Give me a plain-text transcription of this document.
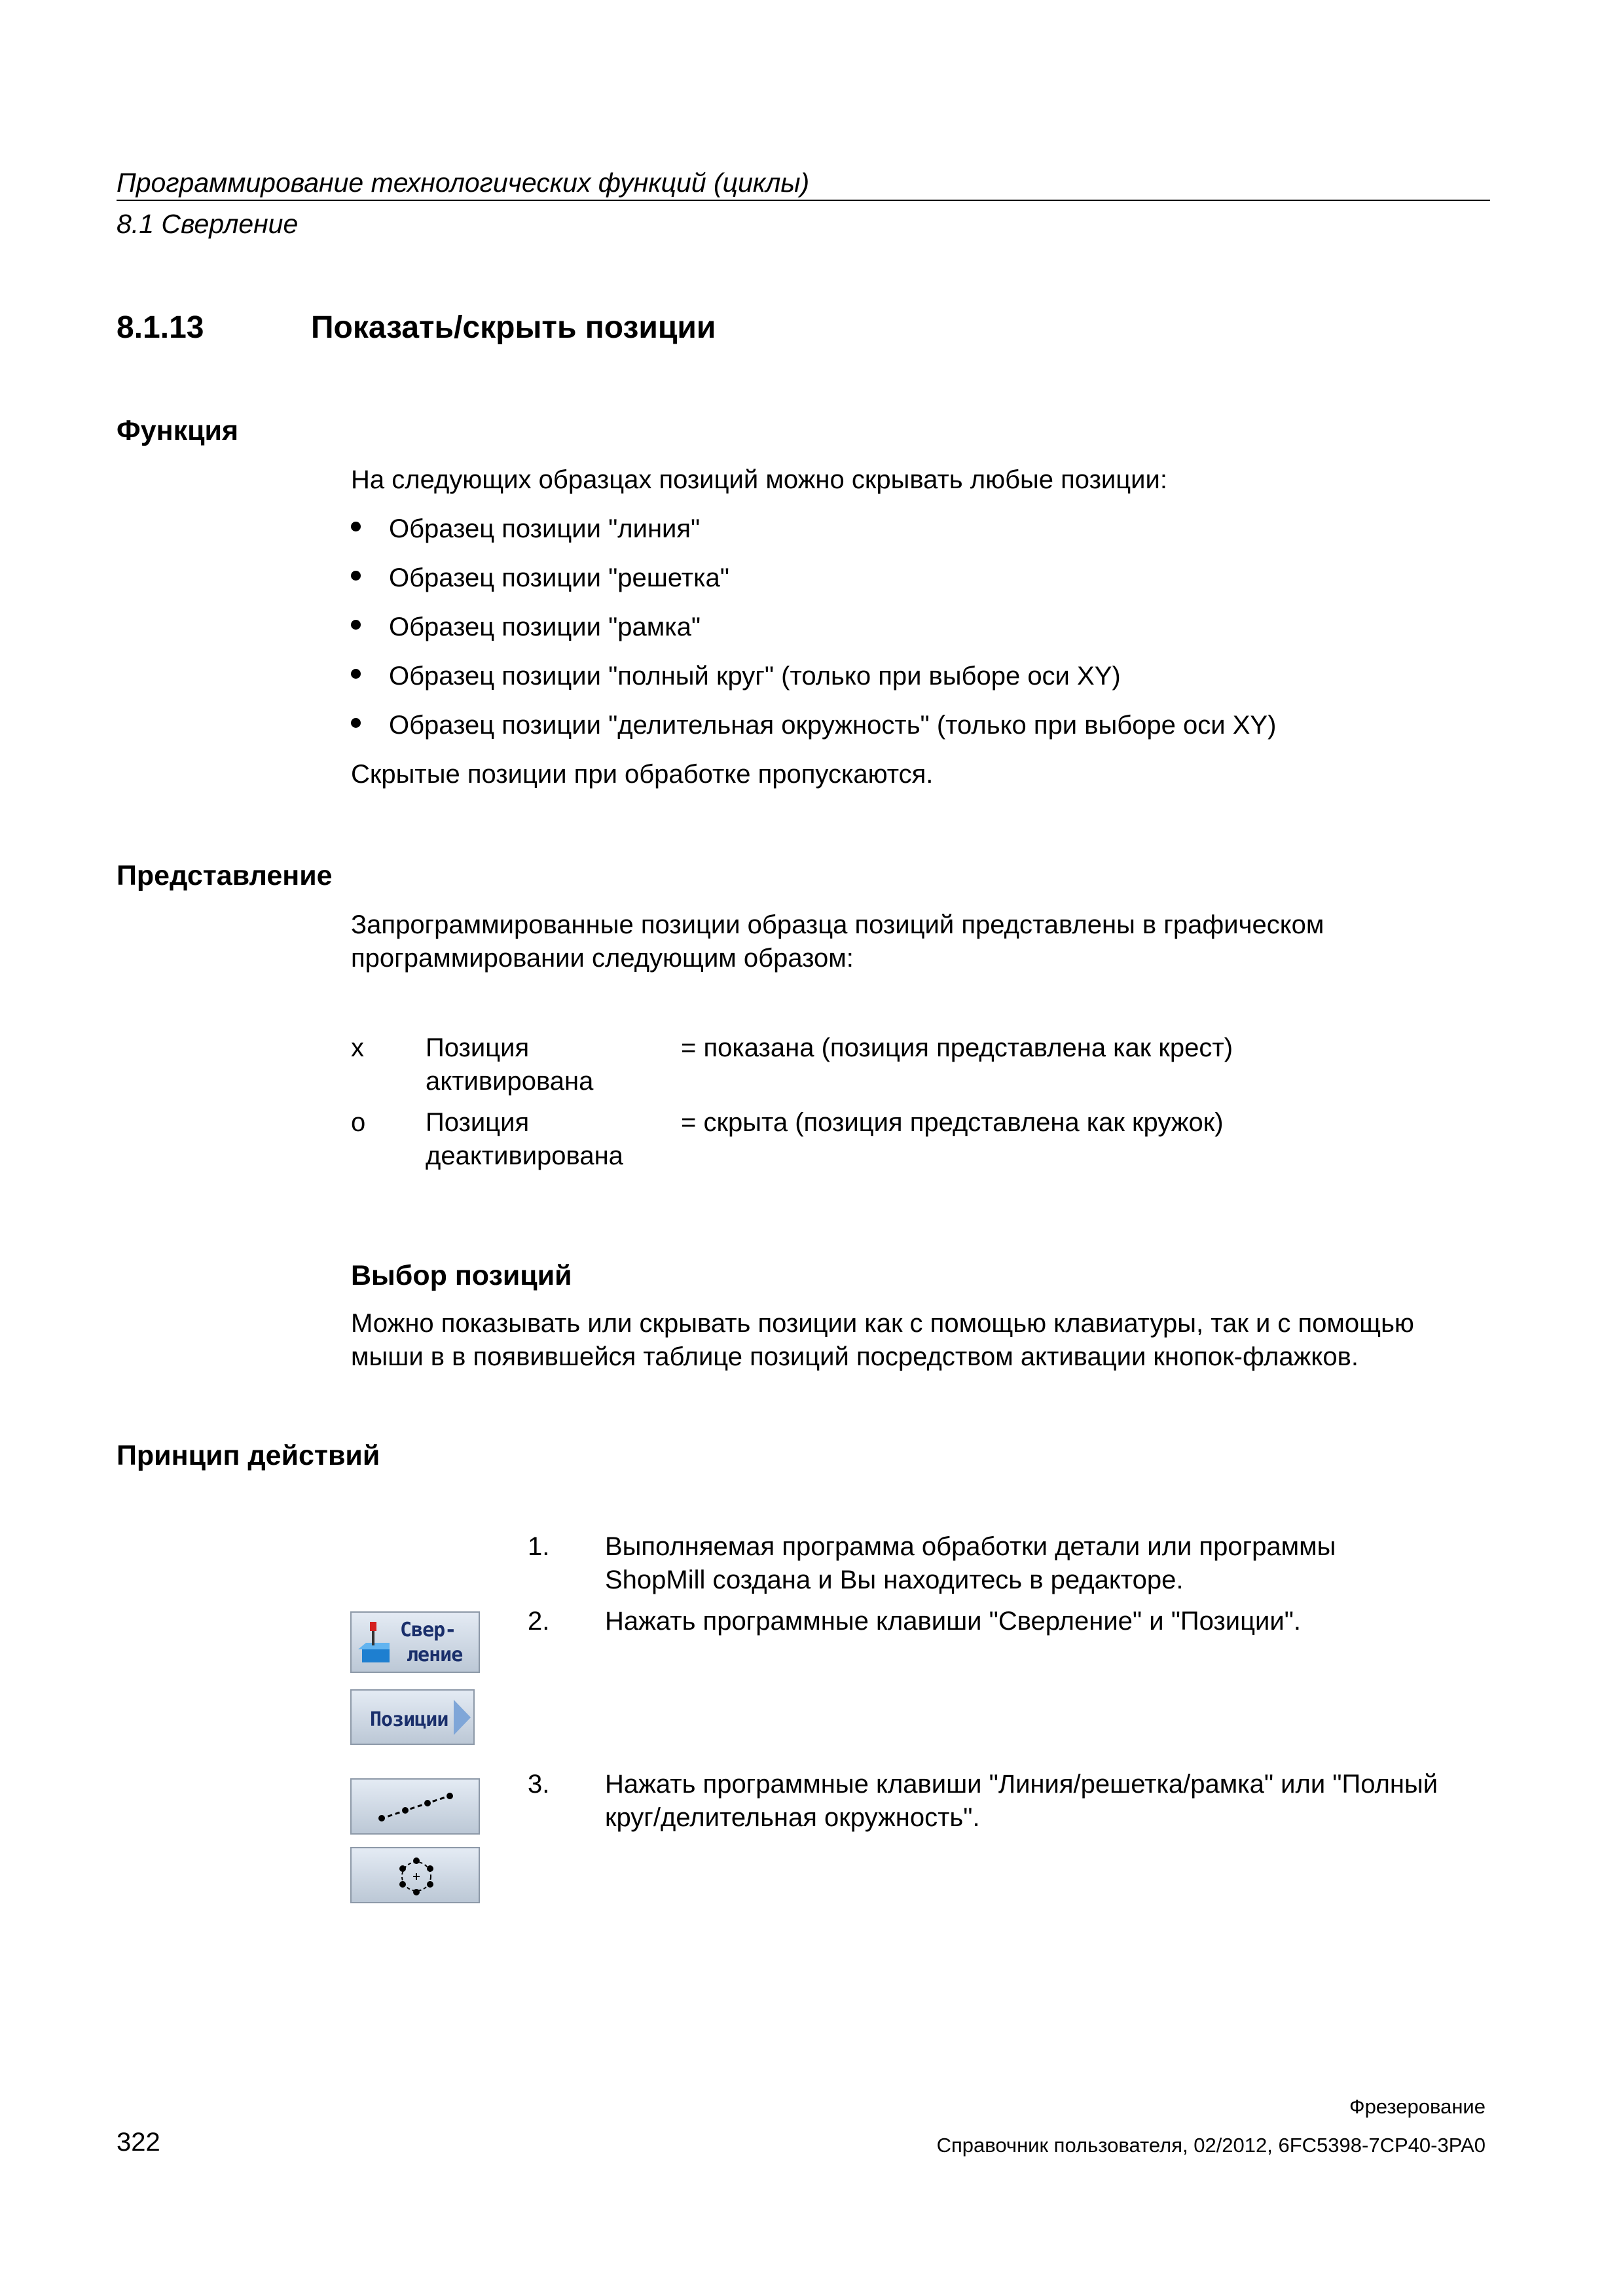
Программирование технологических функций (циклы)
8.1 Сверление
8.1.13	Показать/скрыть позиции
Функция
На следующих образцах позиций можно скрывать любые позиции:
Образец позиции "линия"
Образец позиции "решетка"
Образец позиции "рамка"
Образец позиции "полный круг" (только при выборе оси XY)
Образец позиции "делительная окружность" (только при выборе оси XY)
Скрытые позиции при обработке пропускаются.
Представление
Запрограммированные позиции образца позиций представлены в графическом
программировании следующим образом:
x Позиция
активирована
= показана (позиция представлена как крест)
o Позиция
деактивирована
= скрыта (позиция представлена как кружок)
Выбор позиций
Можно показывать или скрывать позиции как с помощью клавиатуры, так и с помощью
мыши в в появившейся таблице позиций посредством активации кнопок-флажков.
Принцип действий
1. Выполняемая программа обработки детали или программы
ShopMill создана и Вы находитесь в редакторе.
2. Нажать программные клавиши "Сверление" и "Позиции".
3. Нажать программные клавиши "Линия/решетка/рамка" или "Полный
круг/делительная окружность".
Свер-
ление
Позиции
Фрезерование
322	Справочник пользователя, 02/2012, 6FC5398-7CP40-3PA0
